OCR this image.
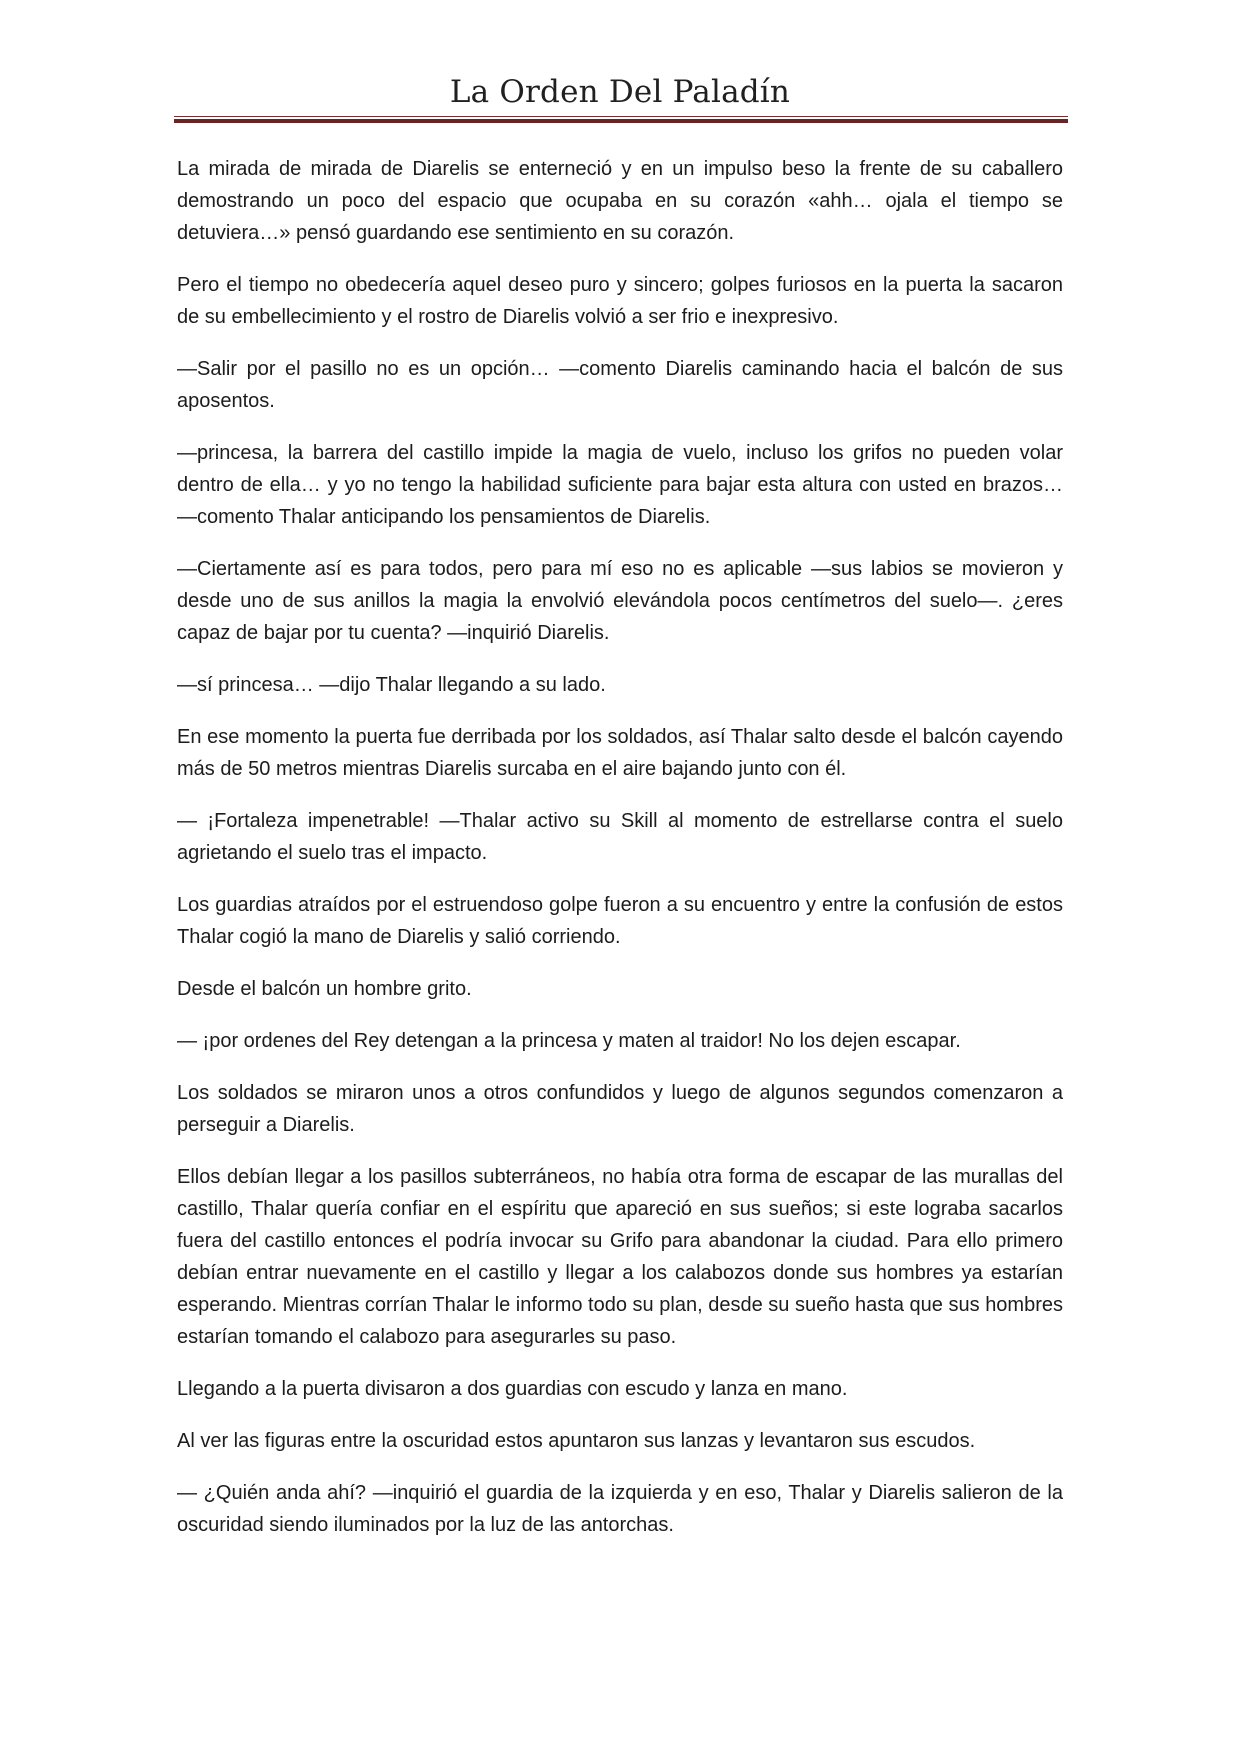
La Orden Del Paladín

La mirada de mirada de Diarelis se enterneció y en un impulso beso la frente de su caballero demostrando un poco del espacio que ocupaba en su corazón «ahh… ojala el tiempo se detuviera…» pensó guardando ese sentimiento en su corazón.

Pero el tiempo no obedecería aquel deseo puro y sincero; golpes furiosos en la puerta la sacaron de su embellecimiento y el rostro de Diarelis volvió a ser frio e inexpresivo.

—Salir por el pasillo no es un opción… —comento Diarelis caminando hacia el balcón de sus aposentos.

—princesa, la barrera del castillo impide la magia de vuelo, incluso los grifos no pueden volar dentro de ella… y yo no tengo la habilidad suficiente para bajar esta altura con usted en brazos… —comento Thalar anticipando los pensamientos de Diarelis.

—Ciertamente así es para todos, pero para mí eso no es aplicable —sus labios se movieron y desde uno de sus anillos la magia la envolvió elevándola pocos centímetros del suelo—. ¿eres capaz de bajar por tu cuenta? —inquirió Diarelis.

—sí princesa… —dijo Thalar llegando a su lado.

En ese momento la puerta fue derribada por los soldados, así Thalar salto desde el balcón cayendo más de 50 metros mientras Diarelis surcaba en el aire bajando junto con él.

— ¡Fortaleza impenetrable! —Thalar activo su Skill al momento de estrellarse contra el suelo agrietando el suelo tras el impacto.

Los guardias atraídos por el estruendoso golpe fueron a su encuentro y entre la confusión de estos Thalar cogió la mano de Diarelis y salió corriendo.

Desde el balcón un hombre grito.

— ¡por ordenes del Rey detengan a la princesa y maten al traidor! No los dejen escapar.

Los soldados se miraron unos a otros confundidos y luego de algunos segundos comenzaron a perseguir a Diarelis.

Ellos debían llegar a los pasillos subterráneos, no había otra forma de escapar de las murallas del castillo, Thalar quería confiar en el espíritu que apareció en sus sueños; si este lograba sacarlos fuera del castillo entonces el podría invocar su Grifo para abandonar la ciudad. Para ello primero debían entrar nuevamente en el castillo y llegar a los calabozos donde sus hombres ya estarían esperando. Mientras corrían Thalar le informo todo su plan, desde su sueño hasta que sus hombres estarían tomando el calabozo para asegurarles su paso.

Llegando a la puerta divisaron a dos guardias con escudo y lanza en mano.

Al ver las figuras entre la oscuridad estos apuntaron sus lanzas y levantaron sus escudos.

— ¿Quién anda ahí? —inquirió el guardia de la izquierda y en eso, Thalar y Diarelis salieron de la oscuridad siendo iluminados por la luz de las antorchas.
